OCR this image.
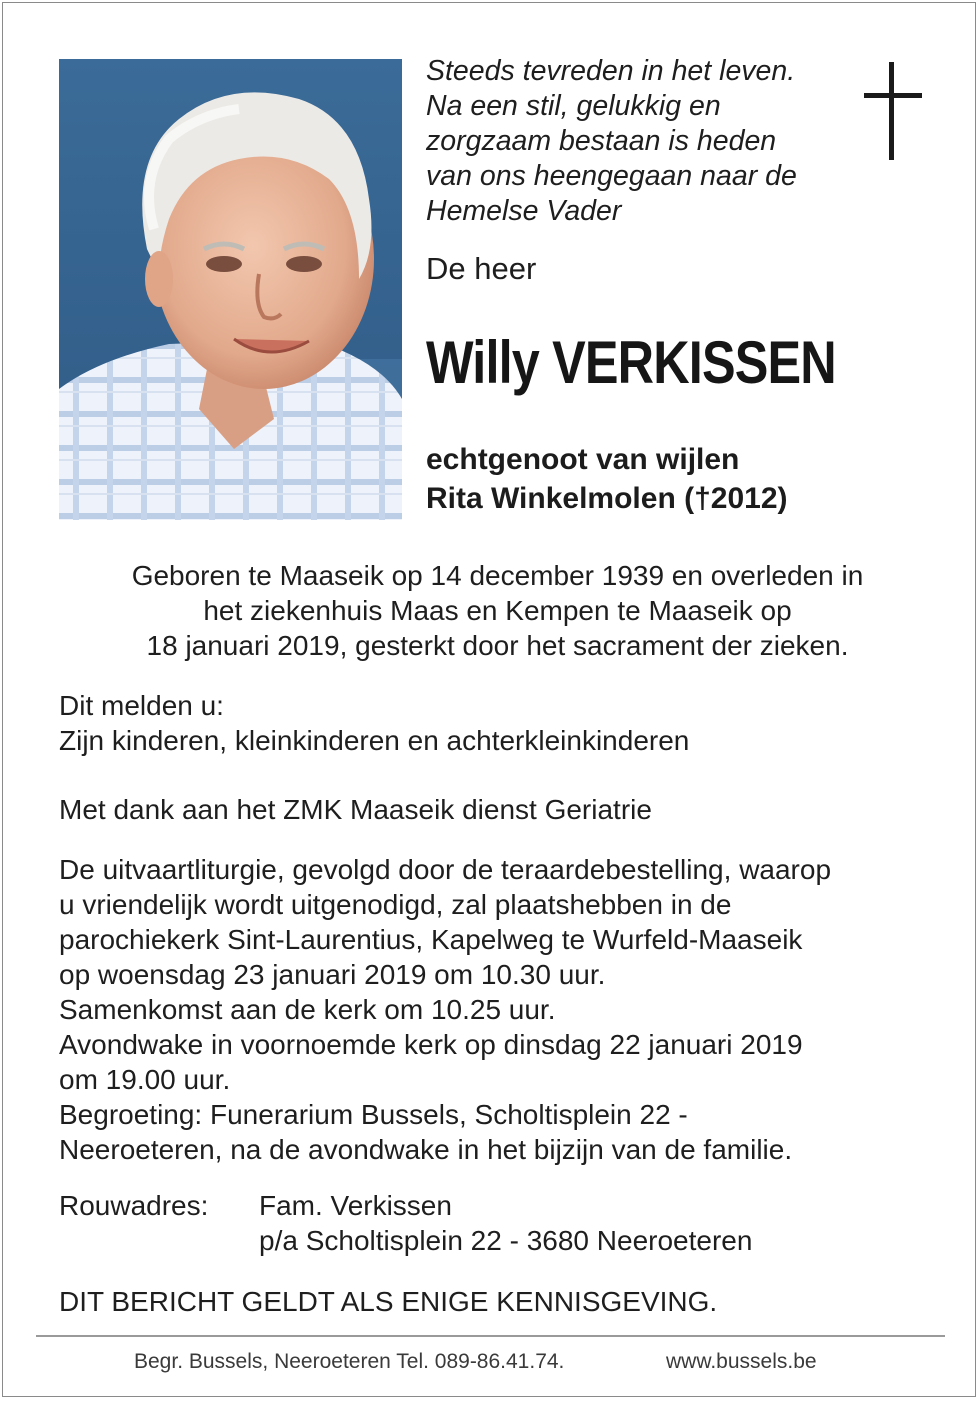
Steeds tevreden in het leven.
Na een stil, gelukkig en
zorgzaam bestaan is heden
van ons heengegaan naar de
Hemelse Vader
De heer
Willy VERKISSEN
echtgenoot van wijlen
Rita Winkelmolen (†2012)
Geboren te Maaseik op 14 december 1939 en overleden in
het ziekenhuis Maas en Kempen te Maaseik op
18 januari 2019, gesterkt door het sacrament der zieken.
Dit melden u:
Zijn kinderen, kleinkinderen en achterkleinkinderen
Met dank aan het ZMK Maaseik dienst Geriatrie
De uitvaartliturgie, gevolgd door de teraardebestelling, waarop
u vriendelijk wordt uitgenodigd, zal plaatshebben in de
parochiekerk Sint-Laurentius, Kapelweg te Wurfeld-Maaseik
op woensdag 23 januari 2019 om 10.30 uur.
Samenkomst aan de kerk om 10.25 uur.
Avondwake in voornoemde kerk op dinsdag 22 januari 2019
om 19.00 uur.
Begroeting: Funerarium Bussels, Scholtisplein 22 -
Neeroeteren, na de avondwake in het bijzijn van de familie.
Rouwadres: Fam. Verkissen
p/a Scholtisplein 22 - 3680 Neeroeteren
DIT BERICHT GELDT ALS ENIGE KENNISGEVING.
Begr. Bussels, Neeroeteren Tel. 089-86.41.74.	www.bussels.be
